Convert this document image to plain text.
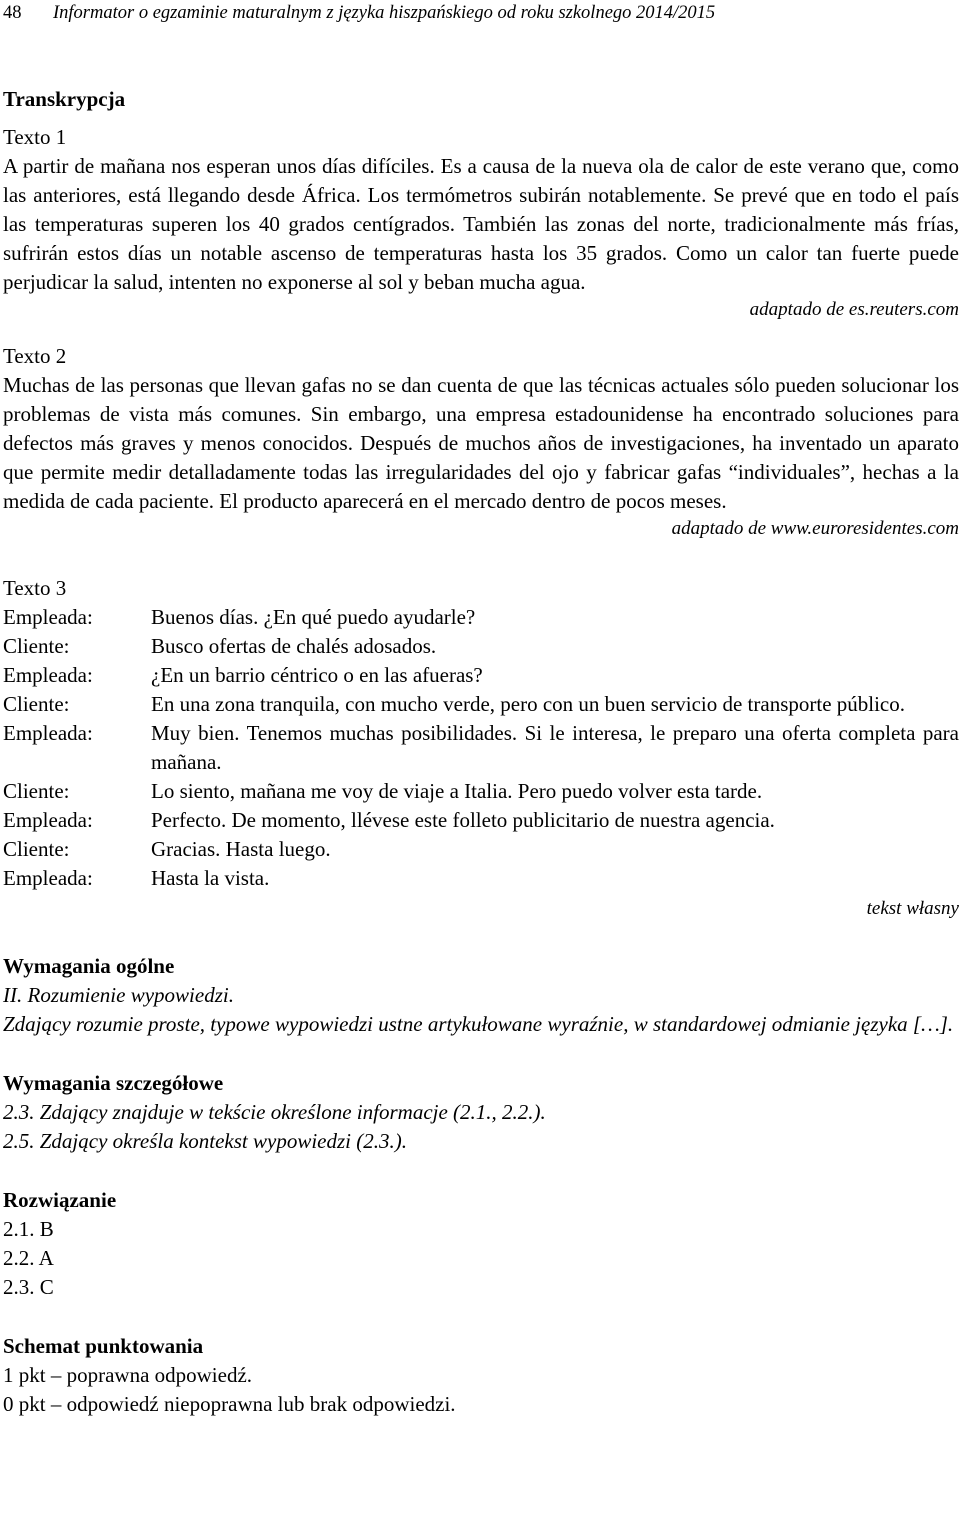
48 Informator o egzaminie maturalnym z języka hiszpańskiego od roku szkolnego 2014/2015
Transkrypcja
Texto 1

A partir de mañana nos esperan unos días difíciles. Es a causa de la nueva ola de calor de este verano que, como las anteriores, está llegando desde África. Los termómetros subirán notablemente. Se prevé que en todo el país las temperaturas superen los 40 grados centígrados. También las zonas del norte, tradicionalmente más frías, sufrirán estos días un notable ascenso de temperaturas hasta los 35 grados. Como un calor tan fuerte puede perjudicar la salud, intenten no exponerse al sol y beban mucha agua.

adaptado de es.reuters.com
Texto 2

Muchas de las personas que llevan gafas no se dan cuenta de que las técnicas actuales sólo pueden solucionar los problemas de vista más comunes. Sin embargo, una empresa estadounidense ha encontrado soluciones para defectos más graves y menos conocidos. Después de muchos años de investigaciones, ha inventado un aparato que permite medir detalladamente todas las irregularidades del ojo y fabricar gafas “individuales”, hechas a la medida de cada paciente. El producto aparecerá en el mercado dentro de pocos meses.

adaptado de www.euroresidentes.com
Texto 3
Empleada:	Buenos días. ¿En qué puedo ayudarle?
Cliente:	Busco ofertas de chalés adosados.
Empleada:	¿En un barrio céntrico o en las afueras?
Cliente:	En una zona tranquila, con mucho verde, pero con un buen servicio de transporte público.
Empleada:	Muy bien. Tenemos muchas posibilidades. Si le interesa, le preparo una oferta completa para mañana.
Cliente:	Lo siento, mañana me voy de viaje a Italia. Pero puedo volver esta tarde.
Empleada:	Perfecto. De momento, llévese este folleto publicitario de nuestra agencia.
Cliente:	Gracias. Hasta luego.
Empleada:	Hasta la vista.
tekst własny
Wymagania ogólne

II. Rozumienie wypowiedzi.

Zdający rozumie proste, typowe wypowiedzi ustne artykułowane wyraźnie, w standardowej odmianie języka […].

Wymagania szczegółowe

2.3. Zdający znajduje w tekście określone informacje (2.1., 2.2.).

2.5. Zdający określa kontekst wypowiedzi (2.3.).

Rozwiązanie

2.1. B

2.2. A

2.3. C

Schemat punktowania

1 pkt – poprawna odpowiedź.

0 pkt – odpowiedź niepoprawna lub brak odpowiedzi.
